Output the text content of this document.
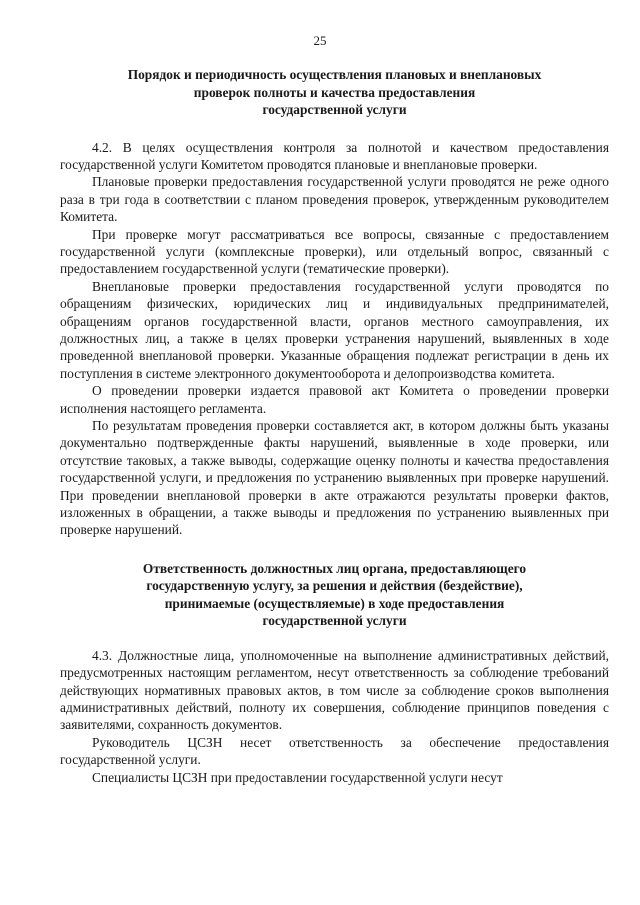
25
Порядок и периодичность осуществления плановых и внеплановых
проверок полноты и качества предоставления
государственной услуги

4.2. В целях осуществления контроля за полнотой и качеством предоставления государственной услуги Комитетом проводятся плановые и внеплановые проверки.

Плановые проверки предоставления государственной услуги проводятся не реже одного раза в три года в соответствии с планом проведения проверок, утвержденным руководителем Комитета.

При проверке могут рассматриваться все вопросы, связанные с предоставлением государственной услуги (комплексные проверки), или отдельный вопрос, связанный с предоставлением государственной услуги (тематические проверки).

Внеплановые проверки предоставления государственной услуги проводятся по обращениям физических, юридических лиц и индивидуальных предпринимателей, обращениям органов государственной власти, органов местного самоуправления, их должностных лиц, а также в целях проверки устранения нарушений, выявленных в ходе проведенной внеплановой проверки. Указанные обращения подлежат регистрации в день их поступления в системе электронного документооборота и делопроизводства комитета.

О проведении проверки издается правовой акт Комитета о проведении проверки исполнения настоящего регламента.

По результатам проведения проверки составляется акт, в котором должны быть указаны документально подтвержденные факты нарушений, выявленные в ходе проверки, или отсутствие таковых, а также выводы, содержащие оценку полноты и качества предоставления государственной услуги, и предложения по устранению выявленных при проверке нарушений. При проведении внеплановой проверки в акте отражаются результаты проверки фактов, изложенных в обращении, а также выводы и предложения по устранению выявленных при проверке нарушений.

Ответственность должностных лиц органа, предоставляющего
государственную услугу, за решения и действия (бездействие),
принимаемые (осуществляемые) в ходе предоставления
государственной услуги

4.3. Должностные лица, уполномоченные на выполнение административных действий, предусмотренных настоящим регламентом, несут ответственность за соблюдение требований действующих нормативных правовых актов, в том числе за соблюдение сроков выполнения административных действий, полноту их совершения, соблюдение принципов поведения с заявителями, сохранность документов.

Руководитель ЦСЗН несет ответственность за обеспечение предоставления государственной услуги.

Специалисты ЦСЗН при предоставлении государственной услуги несут
